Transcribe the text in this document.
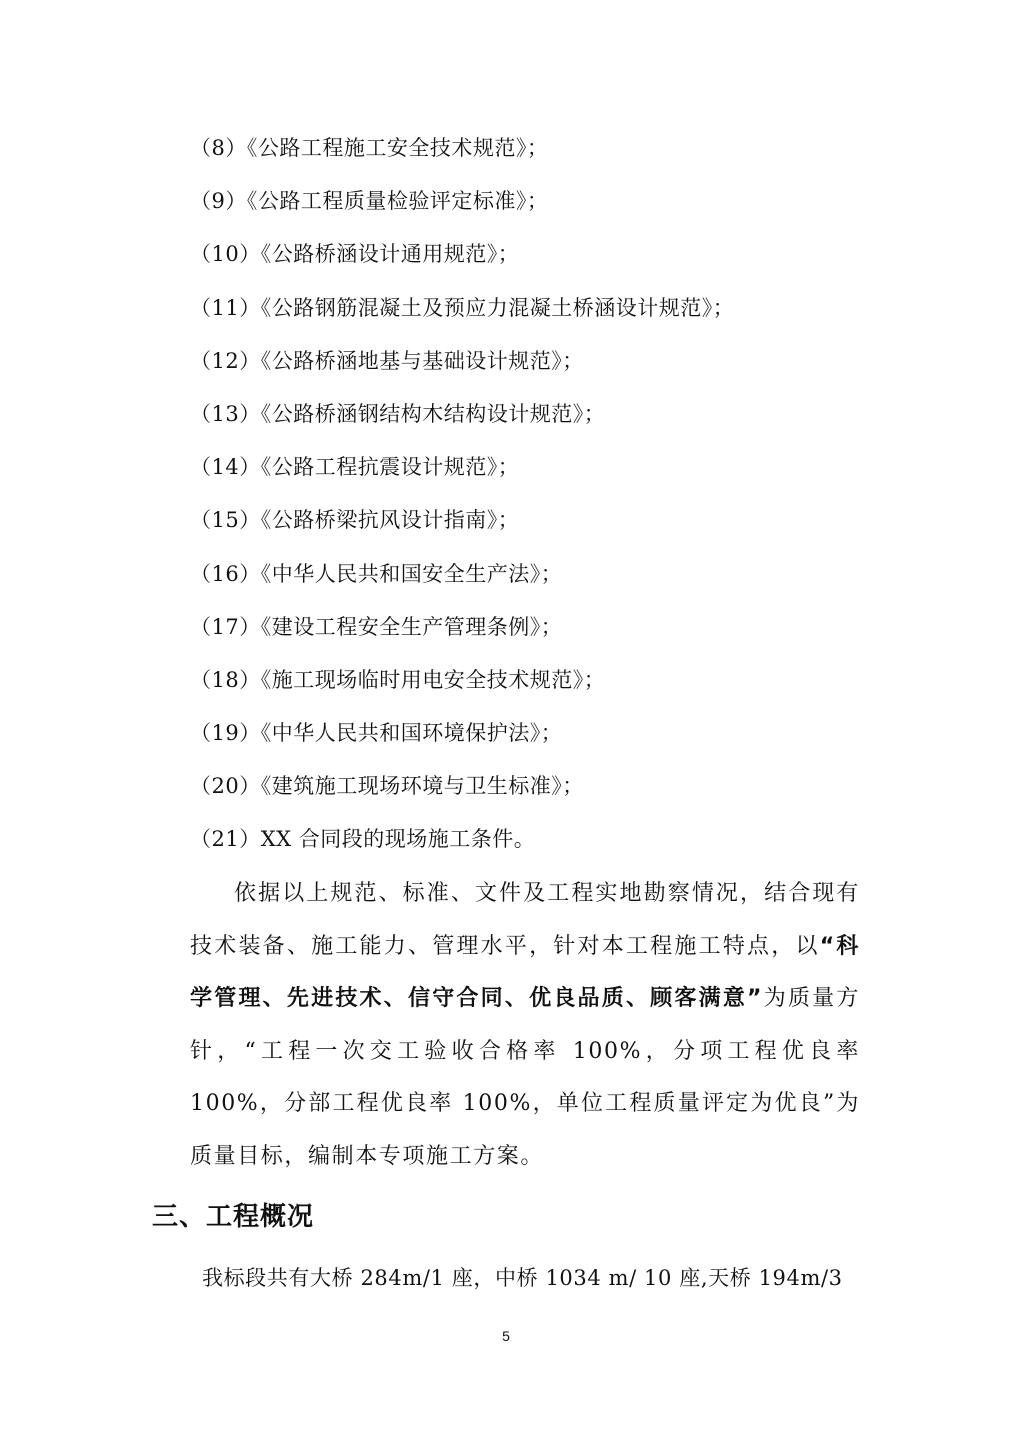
（8）《公路工程施工安全技术规范》；
（9）《公路工程质量检验评定标准》；
（10）《公路桥涵设计通用规范》；
（11）《公路钢筋混凝土及预应力混凝土桥涵设计规范》；
（12）《公路桥涵地基与基础设计规范》；
（13）《公路桥涵钢结构木结构设计规范》；
（14）《公路工程抗震设计规范》；
（15）《公路桥梁抗风设计指南》；
（16）《中华人民共和国安全生产法》；
（17）《建设工程安全生产管理条例》；
（18）《施工现场临时用电安全技术规范》；
（19）《中华人民共和国环境保护法》；
（20）《建筑施工现场环境与卫生标准》；
（21）XX 合同段的现场施工条件。

依据以上规范、标准、文件及工程实地勘察情况，结合现有技术装备、施工能力、管理水平，针对本工程施工特点，以“科学管理、先进技术、信守合同、优良品质、顾客满意”为质量方针，“工程一次交工验收合格率 100%，分项工程优良率 100%，分部工程优良率 100%，单位工程质量评定为优良”为质量目标，编制本专项施工方案。

三、工程概况

我标段共有大桥 284m/1 座，中桥 1034 m/ 10 座,天桥 194m/3

5
